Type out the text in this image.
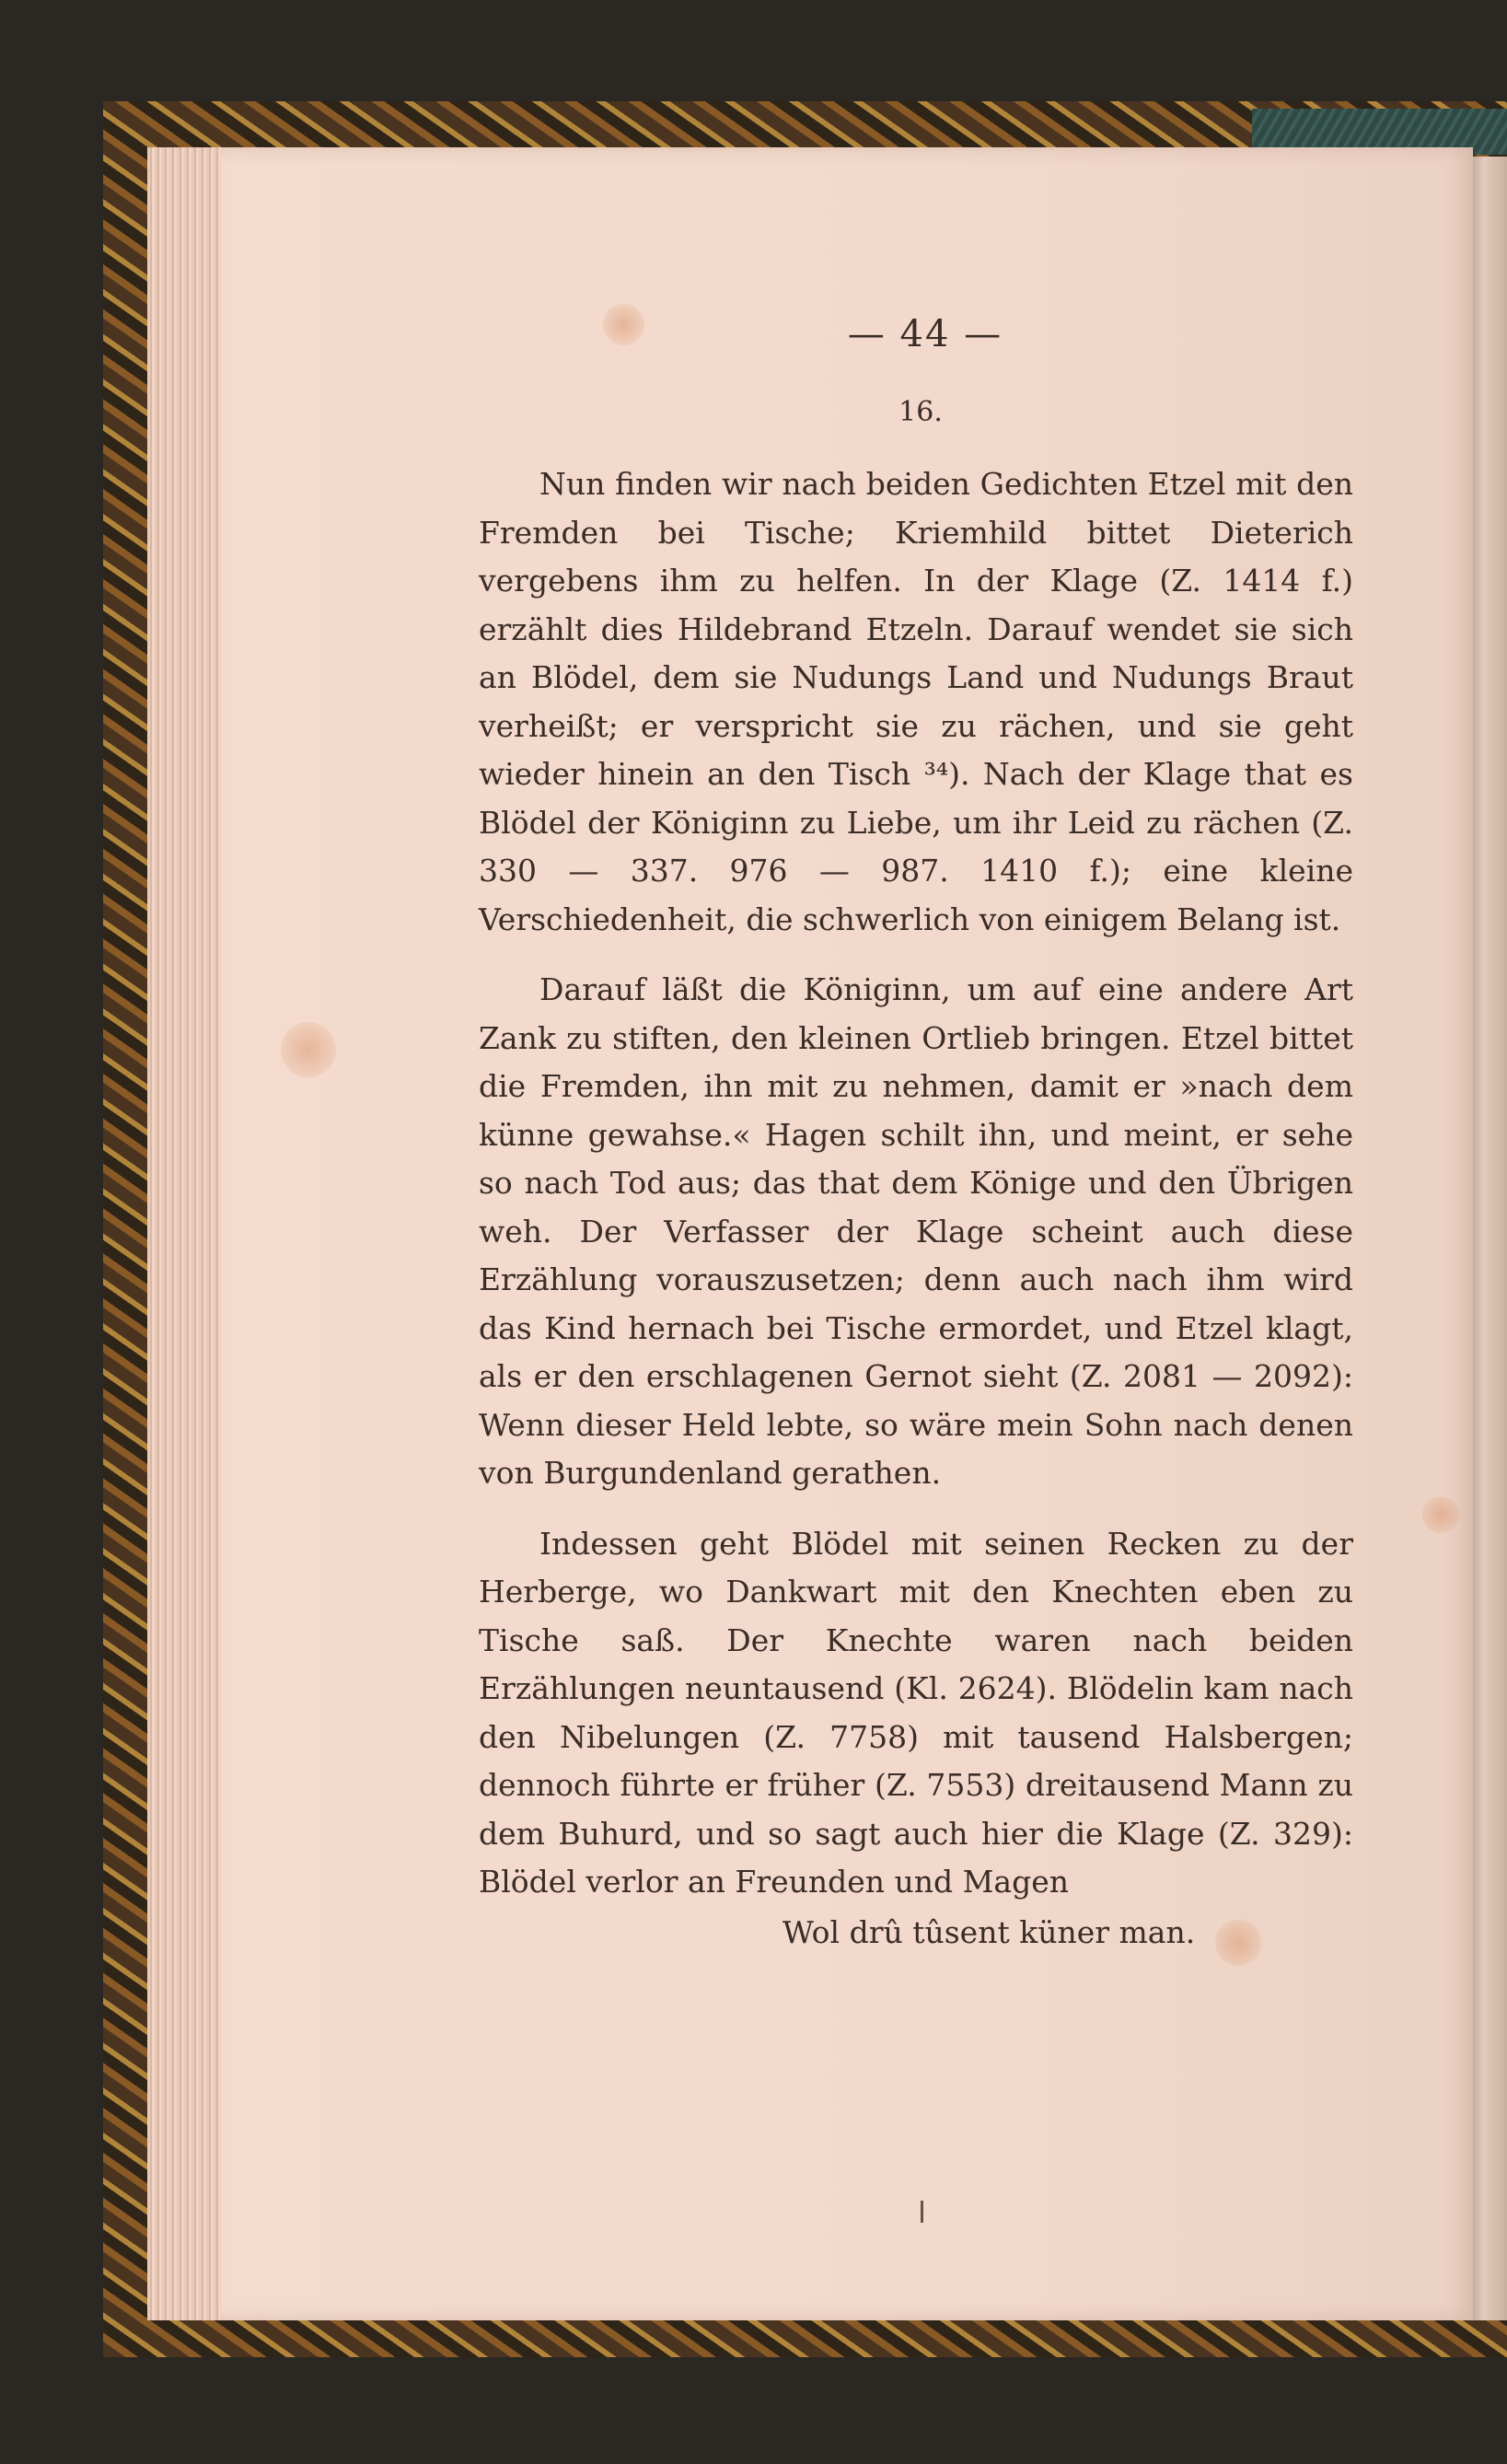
— 44 —
16.

Nun finden wir nach beiden Gedichten Etzel mit den Fremden bei Tische; Kriemhild bittet Dieterich vergebens ihm zu helfen. In der Klage (Z. 1414 f.) erzählt dies Hildebrand Etzeln. Darauf wendet sie sich an Blödel, dem sie Nudungs Land und Nudungs Braut verheißt; er verspricht sie zu rächen, und sie geht wieder hinein an den Tisch ³⁴). Nach der Klage that es Blödel der Königinn zu Liebe, um ihr Leid zu rächen (Z. 330 — 337. 976 — 987. 1410 f.); eine kleine Verschiedenheit, die schwerlich von einigem Belang ist.

Darauf läßt die Königinn, um auf eine andere Art Zank zu stiften, den kleinen Ortlieb bringen. Etzel bittet die Fremden, ihn mit zu nehmen, damit er »nach dem künne gewahse.« Hagen schilt ihn, und meint, er sehe so nach Tod aus; das that dem Könige und den Übrigen weh. Der Verfasser der Klage scheint auch diese Erzählung vorauszusetzen; denn auch nach ihm wird das Kind hernach bei Tische ermordet, und Etzel klagt, als er den erschlagenen Gernot sieht (Z. 2081 — 2092): Wenn dieser Held lebte, so wäre mein Sohn nach denen von Burgundenland gerathen.

Indessen geht Blödel mit seinen Recken zu der Herberge, wo Dankwart mit den Knechten eben zu Tische saß. Der Knechte waren nach beiden Erzählungen neuntausend (Kl. 2624). Blödelin kam nach den Nibelungen (Z. 7758) mit tausend Halsbergen; dennoch führte er früher (Z. 7553) dreitausend Mann zu dem Buhurd, und so sagt auch hier die Klage (Z. 329): Blödel verlor an Freunden und Magen

Wol drû tûsent küner man.
